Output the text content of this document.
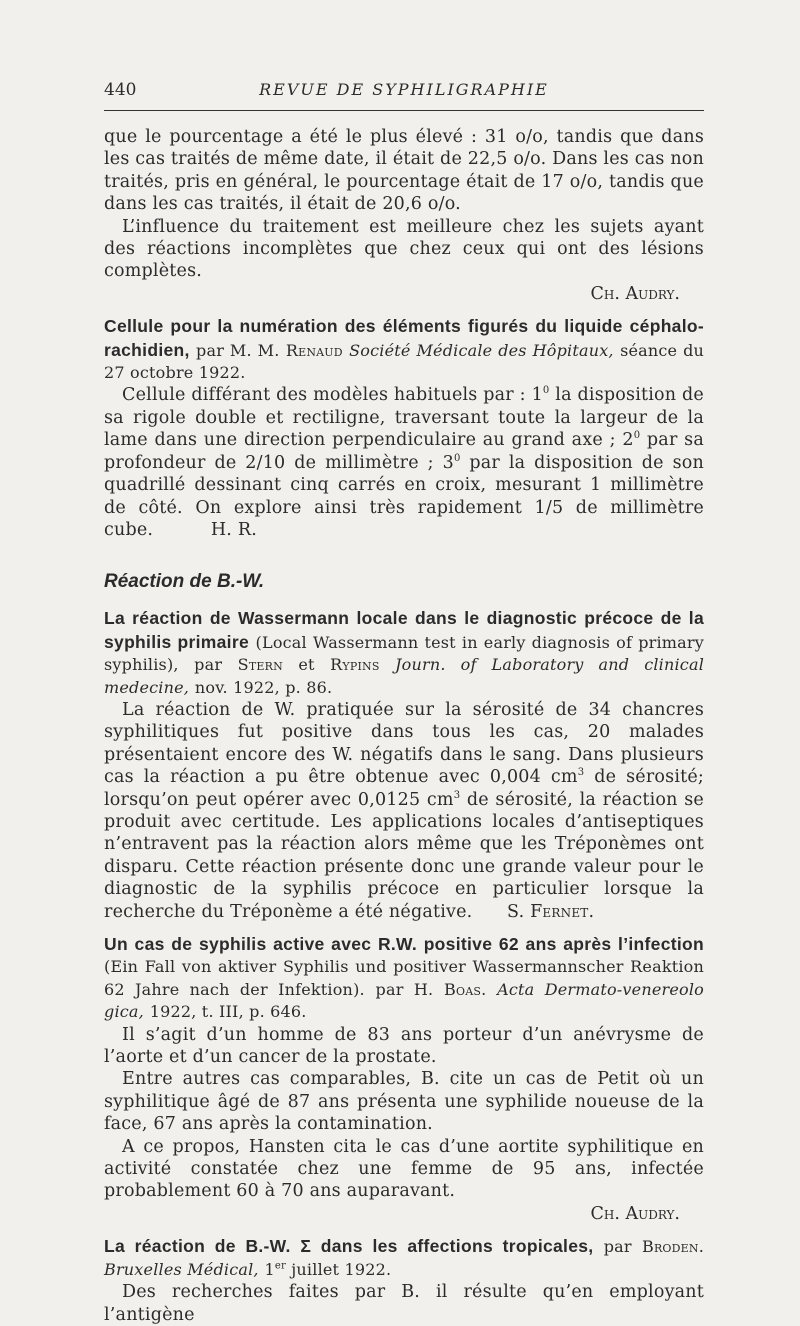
440	REVUE DE SYPHILIGRAPHIE

que le pourcentage a été le plus élevé : 31 o/o, tandis que dans les cas traités de même date, il était de 22,5 o/o. Dans les cas non traités, pris en général, le pourcentage était de 17 o/o, tandis que dans les cas traités, il était de 20,6 o/o.

L’influence du traitement est meilleure chez les sujets ayant des réactions incomplètes que chez ceux qui ont des lésions complètes.

Ch. Audry.

Cellule pour la numération des éléments figurés du liquide céphalo-rachidien, par M. M. Renaud Société Médicale des Hôpitaux, séance du 27 octobre 1922.

Cellule différant des modèles habituels par : $1^0$ la disposition de sa rigole double et rectiligne, traversant toute la largeur de la lame dans une direction perpendiculaire au grand axe ; $2^0$ par sa profondeur de 2/10 de millimètre ; $3^0$ par la disposition de son quadrillé dessinant cinq carrés en croix, mesurant 1 millimètre de côté. On explore ainsi très rapidement 1/5 de millimètre cube.	H. R.

Réaction de B.-W.

La réaction de Wassermann locale dans le diagnostic précoce de la syphilis primaire (Local Wassermann test in early diagnosis of primary syphilis), par Stern et Rypins Journ. of Laboratory and clinical medecine, nov. 1922, p. 86.

La réaction de W. pratiquée sur la sérosité de 34 chancres syphilitiques fut positive dans tous les cas, 20 malades présentaient encore des W. négatifs dans le sang. Dans plusieurs cas la réaction a pu être obtenue avec 0,004 $cm^3$ de sérosité; lorsqu’on peut opérer avec 0,0125 $cm^3$ de sérosité, la réaction se produit avec certitude. Les applications locales d’antiseptiques n’entravent pas la réaction alors même que les Tréponèmes ont disparu. Cette réaction présente donc une grande valeur pour le diagnostic de la syphilis précoce en particulier lorsque la recherche du Tréponème a été négative. S. Fernet.

Un cas de syphilis active avec R.W. positive 62 ans après l’infection (Ein Fall von aktiver Syphilis und positiver Wassermannscher Reaktion 62 Jahre nach der Infektion). par H. Boas. Acta Dermato-venereolo gica, 1922, t. III, p. 646.

Il s’agit d’un homme de 83 ans porteur d’un anévrysme de l’aorte et d’un cancer de la prostate.

Entre autres cas comparables, B. cite un cas de Petit où un syphilitique âgé de 87 ans présenta une syphilide noueuse de la face, 67 ans après la contamination.

A ce propos, Hansten cita le cas d’une aortite syphilitique en activité constatée chez une femme de 95 ans, infectée probablement 60 à 70 ans auparavant.

Ch. Audry.

La réaction de B.-W. Σ dans les affections tropicales, par Broden. Bruxelles Médical, 1er juillet 1922.

Des recherches faites par B. il résulte qu’en employant l’antigène
